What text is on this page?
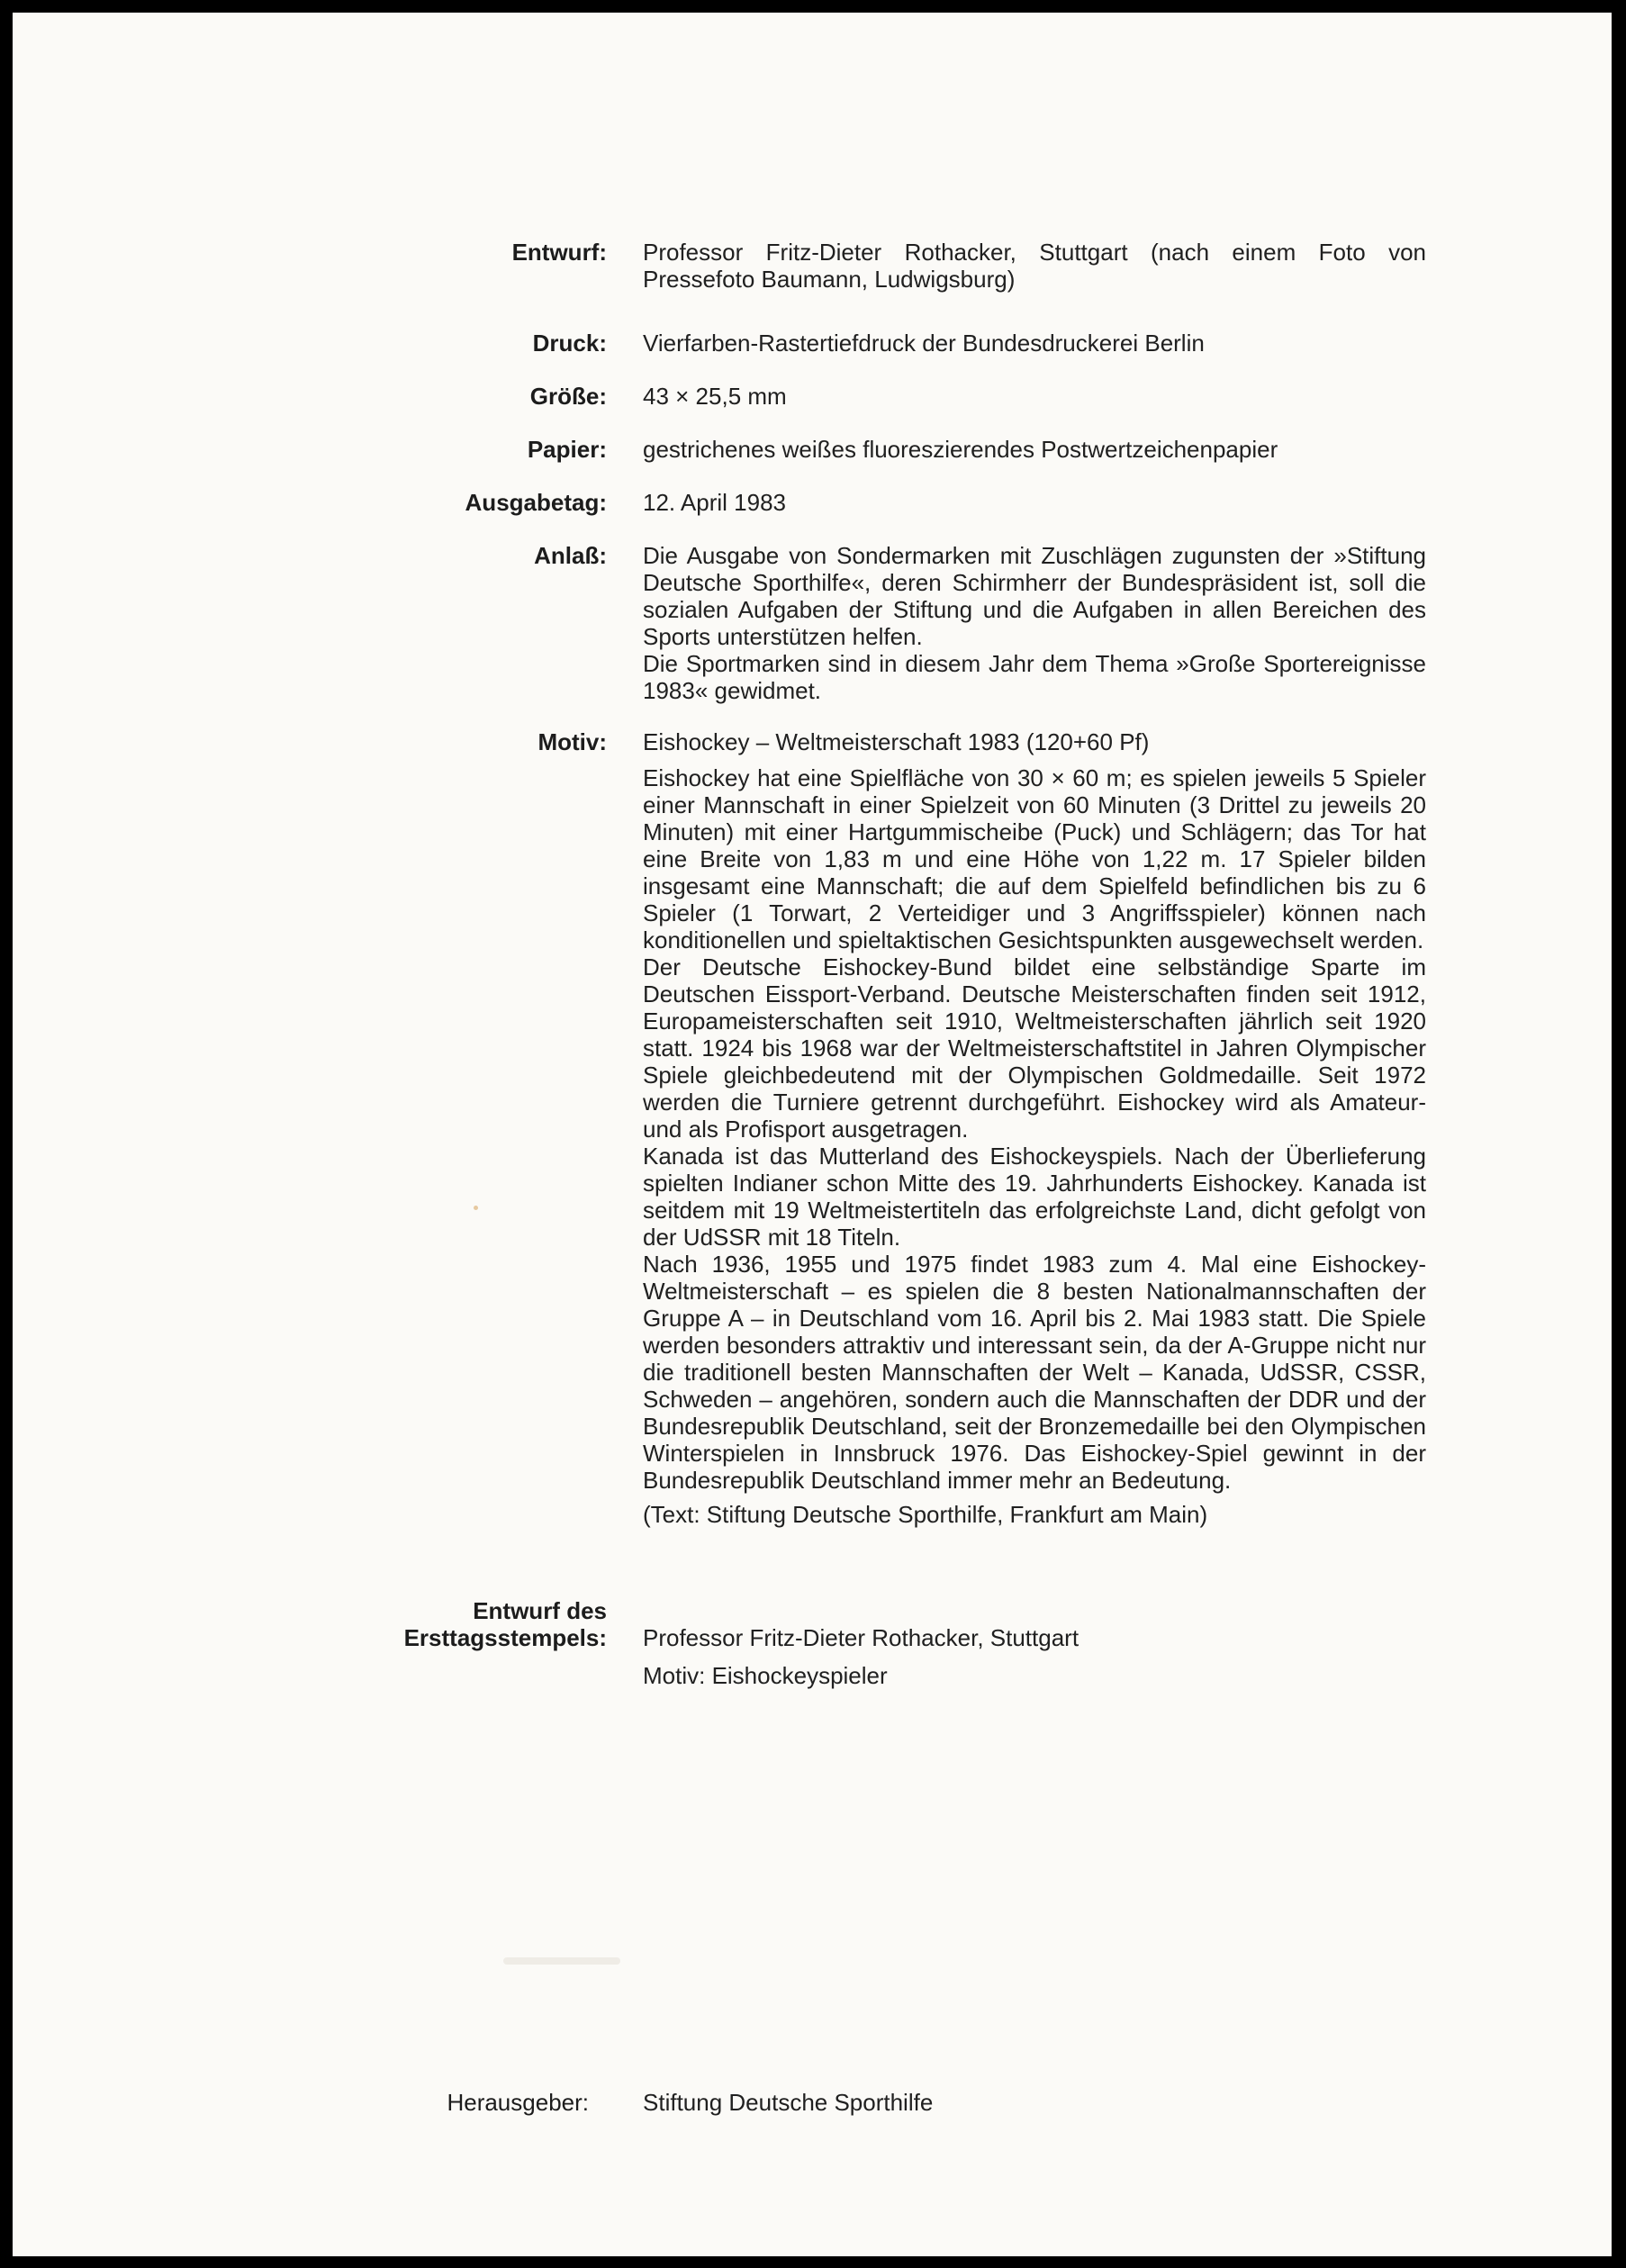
Entwurf: Professor Fritz-Dieter Rothacker, Stuttgart (nach einem Foto von Pressefoto Baumann, Ludwigsburg)
Druck: Vierfarben-Rastertiefdruck der Bundesdruckerei Berlin
Größe: 43 × 25,5 mm
Papier: gestrichenes weißes fluoreszierendes Postwertzeichenpapier
Ausgabetag: 12. April 1983
Anlaß: Die Ausgabe von Sondermarken mit Zuschlägen zugunsten der »Stiftung Deutsche Sporthilfe«, deren Schirmherr der Bundespräsident ist, soll die sozialen Aufgaben der Stiftung und die Aufgaben in allen Bereichen des Sports unterstützen helfen.

Die Sportmarken sind in diesem Jahr dem Thema »Große Sportereignisse 1983« gewidmet.

Motiv: Eishockey – Weltmeisterschaft 1983 (120+60 Pf)

Eishockey hat eine Spielfläche von 30 × 60 m; es spielen jeweils 5 Spieler einer Mannschaft in einer Spielzeit von 60 Minuten (3 Drittel zu jeweils 20 Minuten) mit einer Hartgummischeibe (Puck) und Schlägern; das Tor hat eine Breite von 1,83 m und eine Höhe von 1,22 m. 17 Spieler bilden insgesamt eine Mannschaft; die auf dem Spielfeld befindlichen bis zu 6 Spieler (1 Torwart, 2 Verteidiger und 3 Angriffsspieler) können nach konditionellen und spieltaktischen Gesichtspunkten ausgewechselt werden.

Der Deutsche Eishockey-Bund bildet eine selbständige Sparte im Deutschen Eissport-Verband. Deutsche Meisterschaften finden seit 1912, Europameisterschaften seit 1910, Weltmeisterschaften jährlich seit 1920 statt. 1924 bis 1968 war der Weltmeisterschaftstitel in Jahren Olympischer Spiele gleichbedeutend mit der Olympischen Goldmedaille. Seit 1972 werden die Turniere getrennt durchgeführt. Eishockey wird als Amateur- und als Profisport ausgetragen.

Kanada ist das Mutterland des Eishockeyspiels. Nach der Überlieferung spielten Indianer schon Mitte des 19. Jahrhunderts Eishockey. Kanada ist seitdem mit 19 Weltmeistertiteln das erfolgreichste Land, dicht gefolgt von der UdSSR mit 18 Titeln.

Nach 1936, 1955 und 1975 findet 1983 zum 4. Mal eine Eishockey-Weltmeisterschaft – es spielen die 8 besten Nationalmannschaften der Gruppe A – in Deutschland vom 16. April bis 2. Mai 1983 statt. Die Spiele werden besonders attraktiv und interessant sein, da der A-Gruppe nicht nur die traditionell besten Mannschaften der Welt – Kanada, UdSSR, CSSR, Schweden – angehören, sondern auch die Mannschaften der DDR und der Bundesrepublik Deutschland, seit der Bronzemedaille bei den Olympischen Winterspielen in Innsbruck 1976. Das Eishockey-Spiel gewinnt in der Bundesrepublik Deutschland immer mehr an Bedeutung.

(Text: Stiftung Deutsche Sporthilfe, Frankfurt am Main)

Entwurf des
Ersttagsstempels: Professor Fritz-Dieter Rothacker, Stuttgart
Motiv: Eishockeyspieler
Herausgeber: Stiftung Deutsche Sporthilfe
